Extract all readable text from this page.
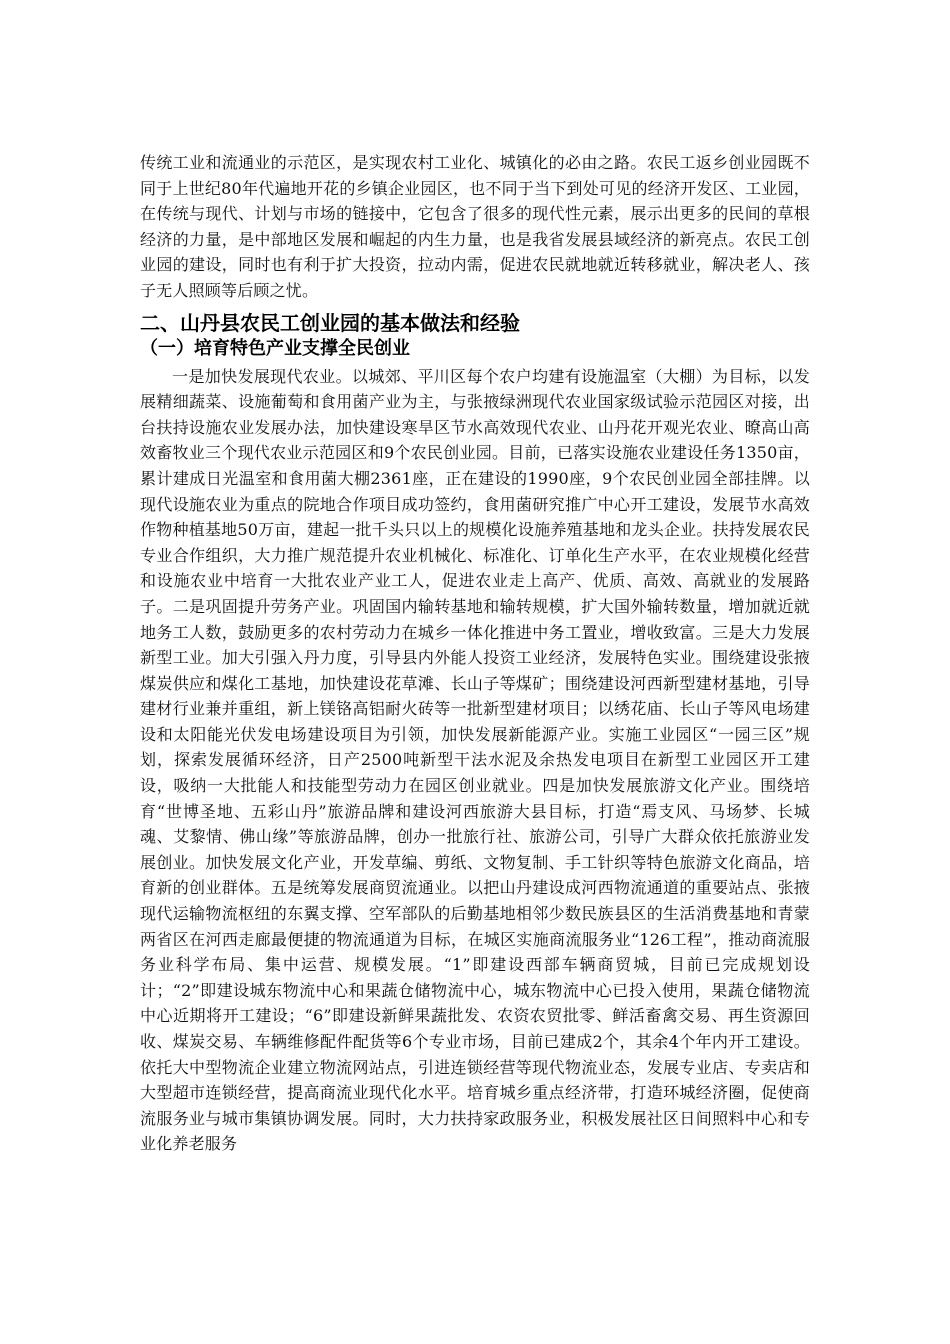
传统工业和流通业的示范区，是实现农村工业化、城镇化的必由之路。农民工返乡创业园既不同于上世纪80年代遍地开花的乡镇企业园区，也不同于当下到处可见的经济开发区、工业园，在传统与现代、计划与市场的链接中，它包含了很多的现代性元素，展示出更多的民间的草根经济的力量，是中部地区发展和崛起的内生力量，也是我省发展县域经济的新亮点。农民工创业园的建设，同时也有利于扩大投资，拉动内需，促进农民就地就近转移就业，解决老人、孩子无人照顾等后顾之忧。

二、山丹县农民工创业园的基本做法和经验
（一）培育特色产业支撑全民创业

一是加快发展现代农业。以城郊、平川区每个农户均建有设施温室（大棚）为目标，以发展精细蔬菜、设施葡萄和食用菌产业为主，与张掖绿洲现代农业国家级试验示范园区对接，出台扶持设施农业发展办法，加快建设寒旱区节水高效现代农业、山丹花开观光农业、暸高山高效畜牧业三个现代农业示范园区和9个农民创业园。目前，已落实设施农业建设任务1350亩，累计建成日光温室和食用菌大棚2361座，正在建设的1990座，9个农民创业园全部挂牌。以现代设施农业为重点的院地合作项目成功签约，食用菌研究推广中心开工建设，发展节水高效作物种植基地50万亩，建起一批千头只以上的规模化设施养殖基地和龙头企业。扶持发展农民专业合作组织，大力推广规范提升农业机械化、标准化、订单化生产水平，在农业规模化经营和设施农业中培育一大批农业产业工人，促进农业走上高产、优质、高效、高就业的发展路子。二是巩固提升劳务产业。巩固国内输转基地和输转规模，扩大国外输转数量，增加就近就地务工人数，鼓励更多的农村劳动力在城乡一体化推进中务工置业，增收致富。三是大力发展新型工业。加大引强入丹力度，引导县内外能人投资工业经济，发展特色实业。围绕建设张掖煤炭供应和煤化工基地，加快建设花草滩、长山子等煤矿；围绕建设河西新型建材基地，引导建材行业兼并重组，新上镁铬高铝耐火砖等一批新型建材项目；以绣花庙、长山子等风电场建设和太阳能光伏发电场建设项目为引领，加快发展新能源产业。实施工业园区“一园三区”规划，探索发展循环经济，日产2500吨新型干法水泥及余热发电项目在新型工业园区开工建设，吸纳一大批能人和技能型劳动力在园区创业就业。四是加快发展旅游文化产业。围绕培育“世博圣地、五彩山丹”旅游品牌和建设河西旅游大县目标，打造“焉支风、马场梦、长城魂、艾黎情、佛山缘”等旅游品牌，创办一批旅行社、旅游公司，引导广大群众依托旅游业发展创业。加快发展文化产业，开发草编、剪纸、文物复制、手工针织等特色旅游文化商品，培育新的创业群体。五是统筹发展商贸流通业。以把山丹建设成河西物流通道的重要站点、张掖现代运输物流枢纽的东翼支撑、空军部队的后勤基地相邻少数民族县区的生活消费基地和青蒙两省区在河西走廊最便捷的物流通道为目标，在城区实施商流服务业“126工程”，推动商流服务业科学布局、集中运营、规模发展。“1”即建设西部车辆商贸城，目前已完成规划设计；“2”即建设城东物流中心和果蔬仓储物流中心，城东物流中心已投入使用，果蔬仓储物流中心近期将开工建设；“6”即建设新鲜果蔬批发、农资农贸批零、鲜活畜禽交易、再生资源回收、煤炭交易、车辆维修配件配货等6个专业市场，目前已建成2个，其余4个年内开工建设。依托大中型物流企业建立物流网站点，引进连锁经营等现代物流业态，发展专业店、专卖店和大型超市连锁经营，提高商流业现代化水平。培育城乡重点经济带，打造环城经济圈，促使商流服务业与城市集镇协调发展。同时，大力扶持家政服务业，积极发展社区日间照料中心和专业化养老服务
